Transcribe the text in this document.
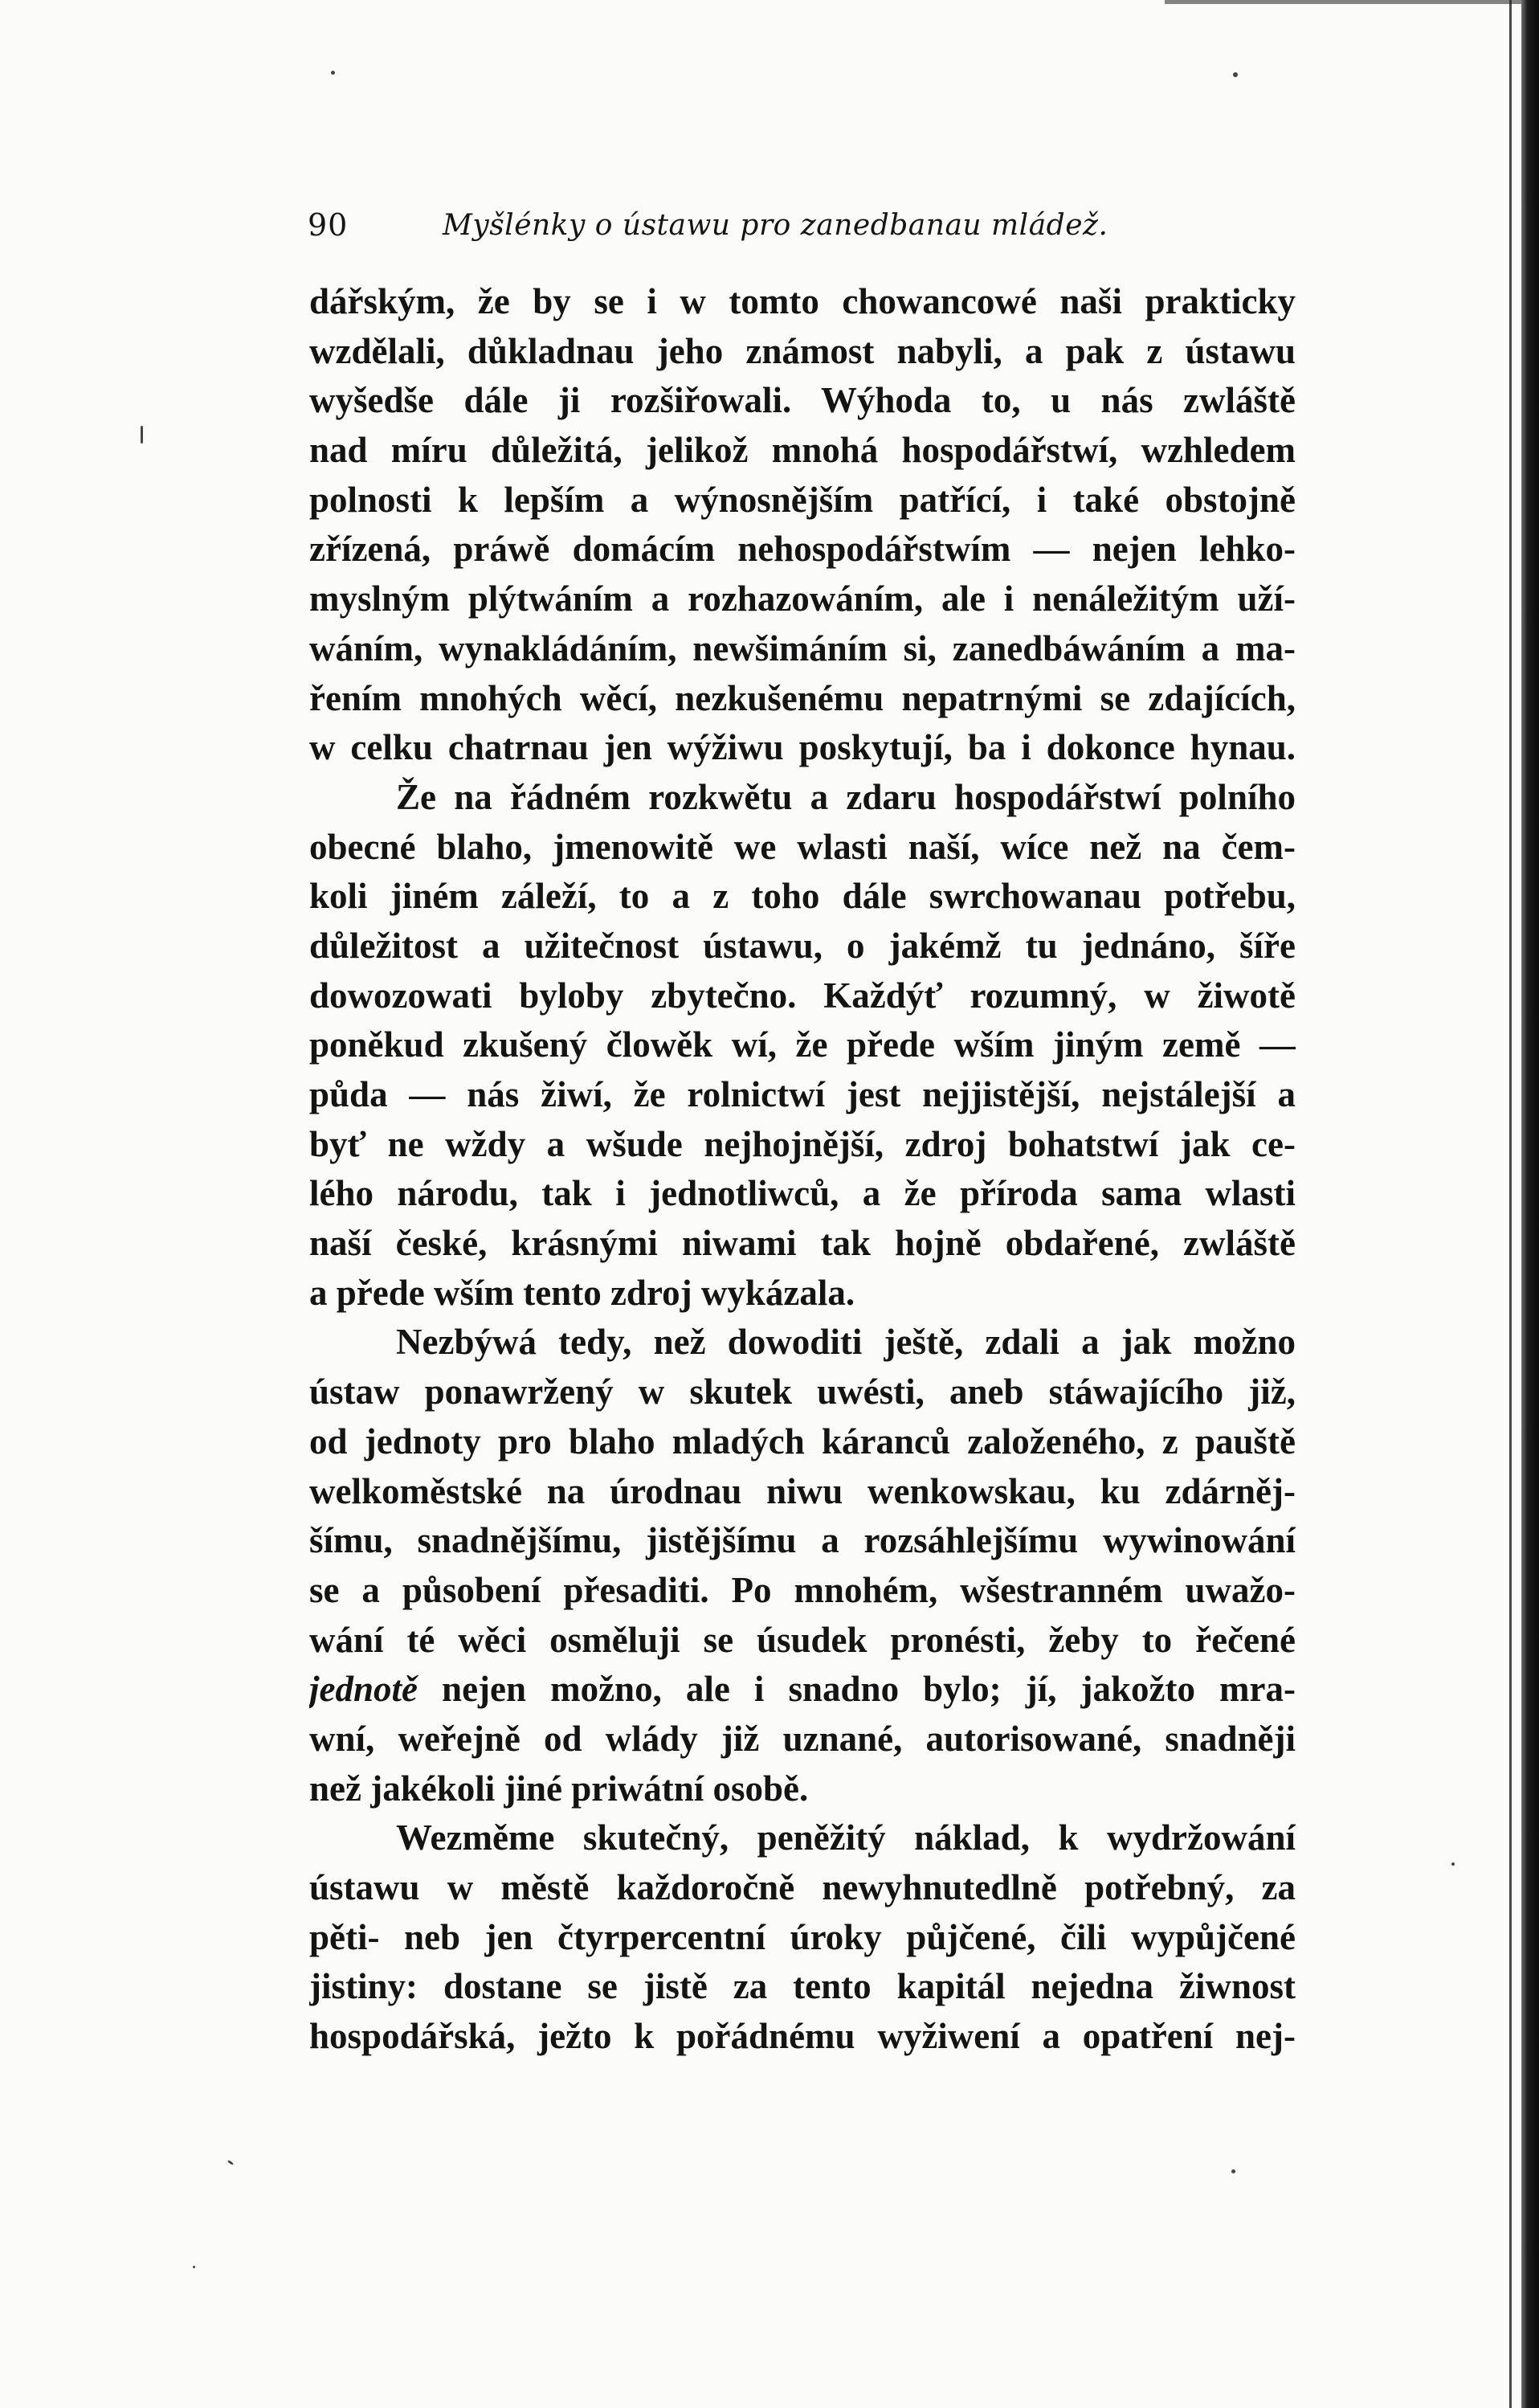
90	Myšlénky o ústawu pro zanedbanau mládež.
dářským, že by se i w tomto chowancowé naši prakticky
wzdělali, důkladnau jeho známost nabyli, a pak z ústawu
wyšedše dále ji rozšiřowali. Wýhoda to, u nás zwláště
nad míru důležitá, jelikož mnohá hospodářstwí, wzhledem
polnosti k lepším a wýnosnějším patřící, i také obstojně
zřízená, práwě domácím nehospodářstwím — nejen lehko-
myslným plýtwáním a rozhazowáním, ale i nenáležitým uží-
wáním, wynakládáním, newšimáním si, zanedbáwáním a ma-
řením mnohých wěcí, nezkušenému nepatrnými se zdajících,
w celku chatrnau jen wýžiwu poskytují, ba i dokonce hynau.
Že na řádném rozkwětu a zdaru hospodářstwí polního
obecné blaho, jmenowitě we wlasti naší, wíce než na čem-
koli jiném záleží, to a z toho dále swrchowanau potřebu,
důležitost a užitečnost ústawu, o jakémž tu jednáno, šíře
dowozowati byloby zbytečno. Každýť rozumný, w žiwotě
poněkud zkušený člowěk wí, že přede wším jiným země —
půda — nás žiwí, že rolnictwí jest nejjistější, nejstálejší a
byť ne wždy a wšude nejhojnější, zdroj bohatstwí jak ce-
lého národu, tak i jednotliwců, a že příroda sama wlasti
naší české, krásnými niwami tak hojně obdařené, zwláště
a přede wším tento zdroj wykázala.
Nezbýwá tedy, než dowoditi ještě, zdali a jak možno
ústaw ponawržený w skutek uwésti, aneb stáwajícího již,
od jednoty pro blaho mladých káranců založeného, z pauště
welkoměstské na úrodnau niwu wenkowskau, ku zdárněj-
šímu, snadnějšímu, jistějšímu a rozsáhlejšímu wywinowání
se a působení přesaditi. Po mnohém, wšestranném uwažo-
wání té wěci osměluji se úsudek pronésti, žeby to řečené
jednotě nejen možno, ale i snadno bylo; jí, jakožto mra-
wní, weřejně od wlády již uznané, autorisowané, snadněji
než jakékoli jiné priwátní osobě.
Wezměme skutečný, peněžitý náklad, k wydržowání
ústawu w městě každoročně newyhnutedlně potřebný, za
pěti- neb jen čtyrpercentní úroky půjčené, čili wypůjčené
jistiny: dostane se jistě za tento kapitál nejedna žiwnost
hospodářská, ježto k pořádnému wyžiwení a opatření nej-
